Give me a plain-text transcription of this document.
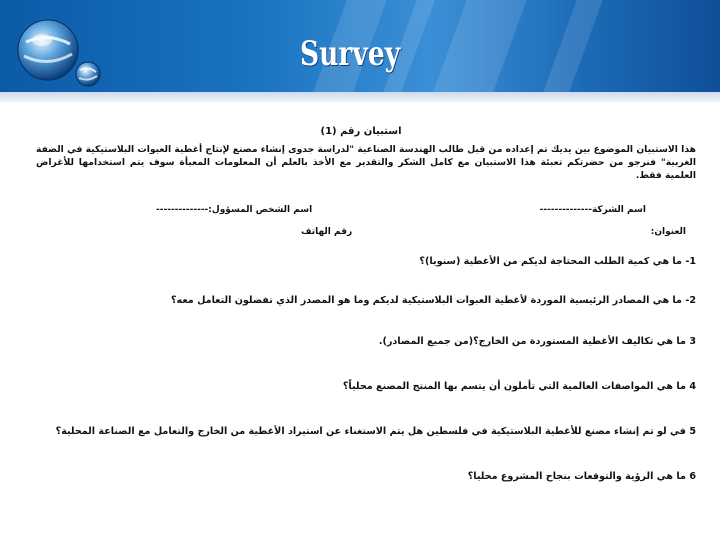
Survey
استبيان رقم (1)
هذا الاستبيان الموضوع بين يديك تم إعداده من قبل طالب الهندسة الصناعية "لدراسة جدوى إنشاء مصنع لإنتاج أغطية العبوات البلاستيكية في الضفة الغربية" فنرجو من حضرتكم تعبئة هذا الاستبيان مع كامل الشكر والتقدير مع الأخذ بالعلم أن المعلومات المعبأة سوف يتم استخدامها للأغراض العلمية فقط.
اسم الشركة--------------
اسم الشخص المسؤول:--------------
العنوان:
رقم الهاتف
1- ما هي كمية الطلب المحتاجة لديكم من الأغطية (سنويا)؟
2- ما هي المصادر الرئيسية الموردة لأغطية العبوات البلاستيكية لديكم وما هو المصدر الذي تفضلون التعامل معه؟
3 ما هي تكاليف الأغطية المستوردة من الخارج؟(من جميع المصادر).
4 ما هي المواصفات العالمية التي تأملون أن يتسم بها المنتج المصنع محلياً؟
5 في لو تم إنشاء مصنع للأغطية البلاستيكية في فلسطين هل يتم الاستغناء عن استيراد الأغطية من الخارج والتعامل مع الصناعة المحلية؟
6 ما هي الرؤية والتوقعات بنجاح المشروع محليا؟
